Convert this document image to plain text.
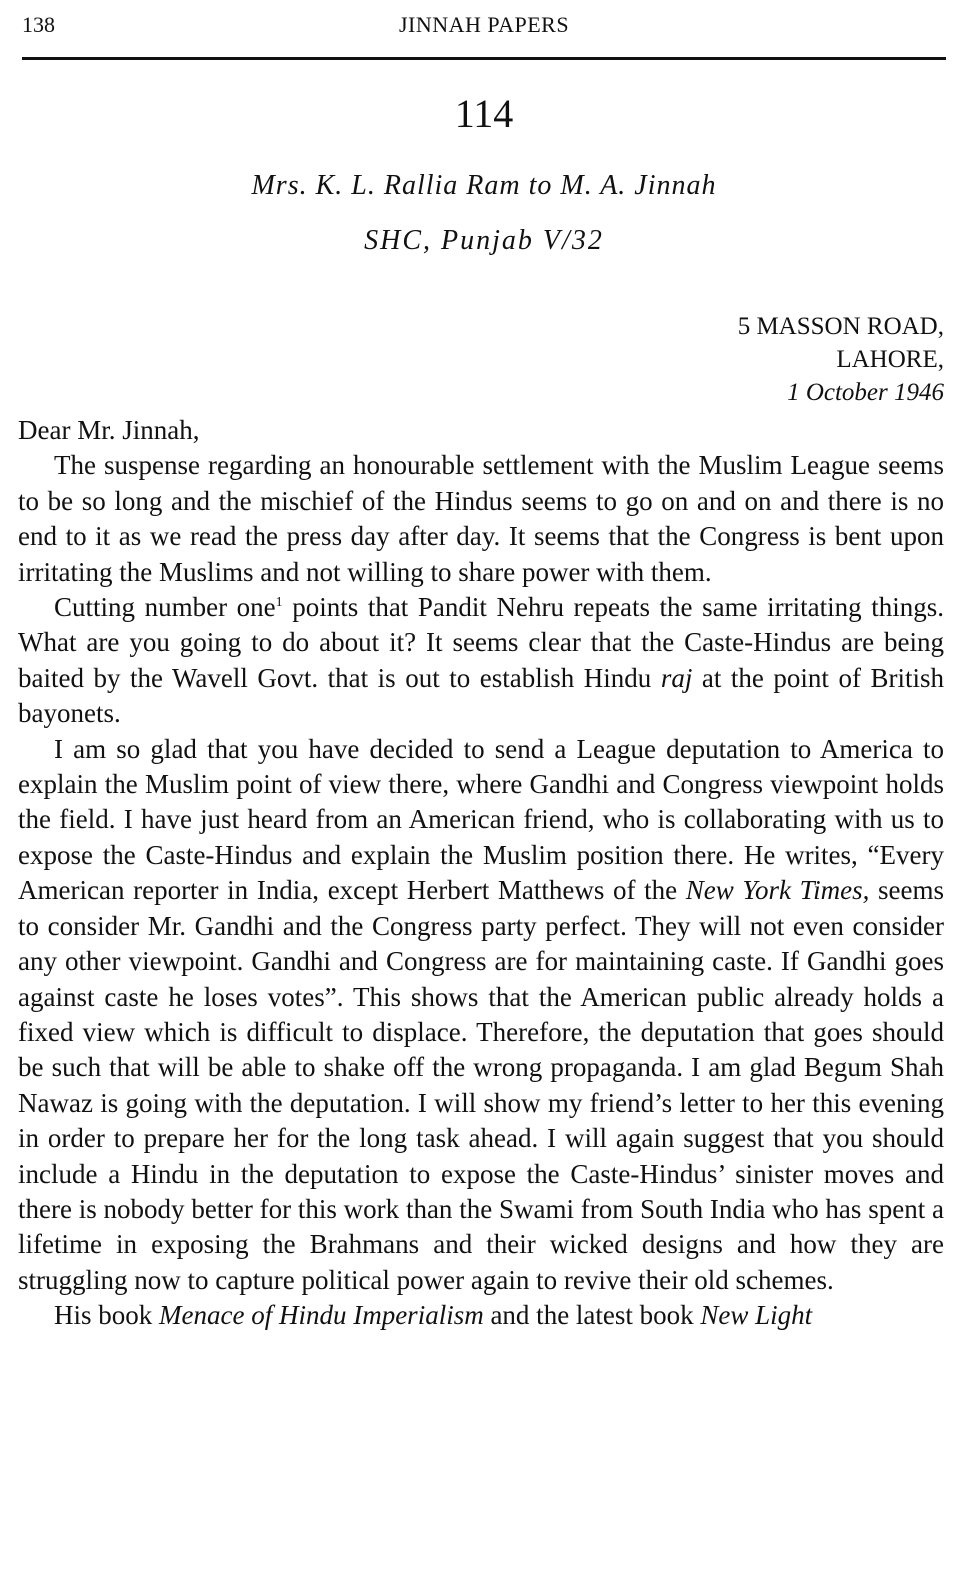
138	JINNAH PAPERS
114
Mrs. K. L. Rallia Ram to M. A. Jinnah
SHC, Punjab V/32
5 MASSON ROAD,
LAHORE,
1 October 1946

Dear Mr. Jinnah,

The suspense regarding an honourable settlement with the Muslim League seems to be so long and the mischief of the Hindus seems to go on and on and there is no end to it as we read the press day after day. It seems that the Congress is bent upon irritating the Muslims and not willing to share power with them.

Cutting number one$^1$ points that Pandit Nehru repeats the same irritating things. What are you going to do about it? It seems clear that the Caste-Hindus are being baited by the Wavell Govt. that is out to establish Hindu raj at the point of British bayonets.

I am so glad that you have decided to send a League deputation to America to explain the Muslim point of view there, where Gandhi and Congress viewpoint holds the field. I have just heard from an American friend, who is collaborating with us to expose the Caste-Hindus and explain the Muslim position there. He writes, “Every American reporter in India, except Herbert Matthews of the New York Times, seems to consider Mr. Gandhi and the Congress party perfect. They will not even consider any other viewpoint. Gandhi and Congress are for maintaining caste. If Gandhi goes against caste he loses votes”. This shows that the American public already holds a fixed view which is difficult to displace. Therefore, the deputation that goes should be such that will be able to shake off the wrong propaganda. I am glad Begum Shah Nawaz is going with the deputation. I will show my friend’s letter to her this evening in order to prepare her for the long task ahead. I will again suggest that you should include a Hindu in the deputation to expose the Caste-Hindus’ sinister moves and there is nobody better for this work than the Swami from South India who has spent a lifetime in exposing the Brahmans and their wicked designs and how they are struggling now to capture political power again to revive their old schemes.

His book Menace of Hindu Imperialism and the latest book New Light
